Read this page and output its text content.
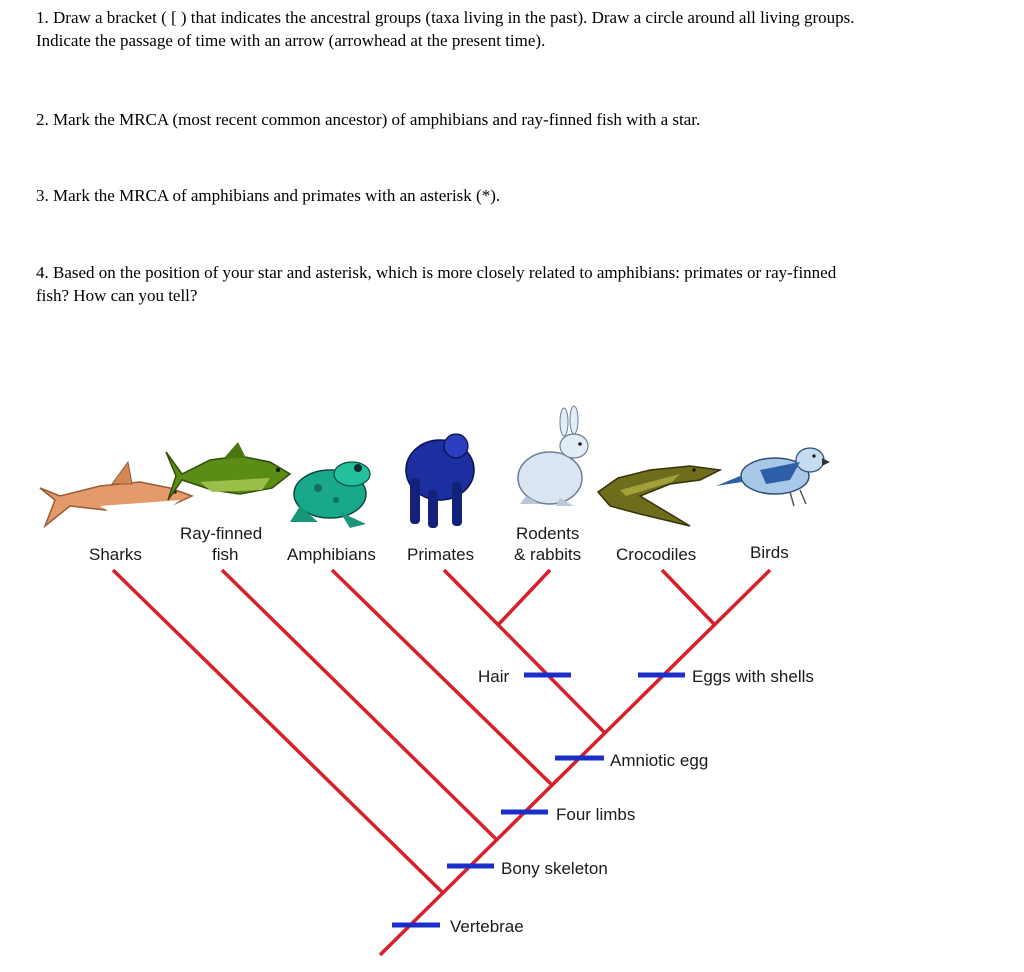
1. Draw a bracket ( [ ) that indicates the ancestral groups (taxa living in the past). Draw a circle around all living groups.

Indicate the passage of time with an arrow (arrowhead at the present time).

2. Mark the MRCA (most recent common ancestor) of amphibians and ray-finned fish with a star.

3. Mark the MRCA of amphibians and primates with an asterisk (*).

4. Based on the position of your star and asterisk, which is more closely related to amphibians: primates or ray-finned

fish? How can you tell?

Sharks
Ray-finned
fish	Amphibians Primates
Rodents
& rabbits Crocodiles	Birds
Hair	Eggs with shells
Amniotic egg
Four limbs
Bony skeleton
Vertebrae
